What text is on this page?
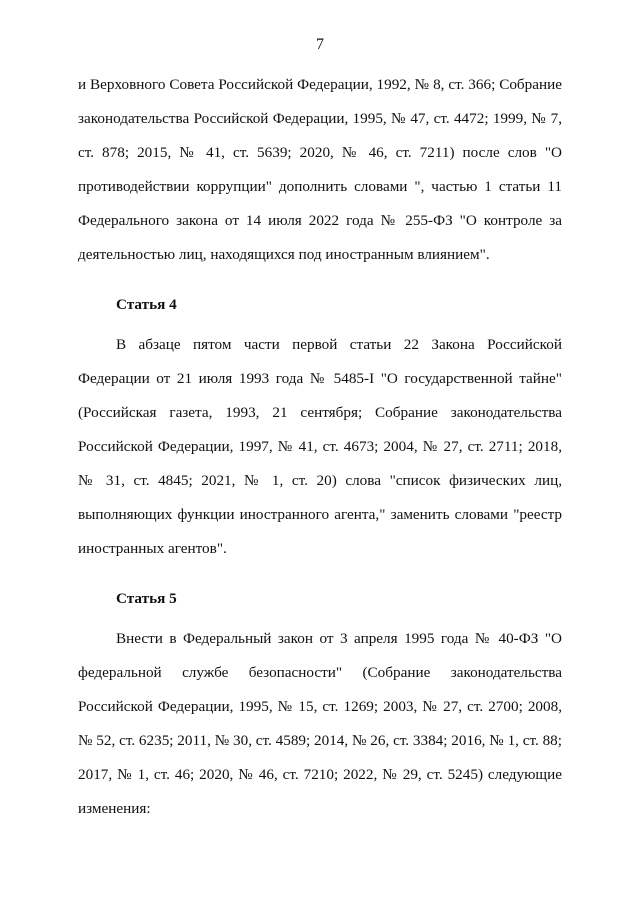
7

и Верховного Совета Российской Федерации, 1992, № 8, ст. 366; Собрание законодательства Российской Федерации, 1995, № 47, ст. 4472; 1999, № 7, ст. 878; 2015, № 41, ст. 5639; 2020, № 46, ст. 7211) после слов "О противодействии коррупции" дополнить словами ", частью 1 статьи 11 Федерального закона от 14 июля 2022 года № 255-ФЗ "О контроле за деятельностью лиц, находящихся под иностранным влиянием".

Статья 4

В абзаце пятом части первой статьи 22 Закона Российской Федерации от 21 июля 1993 года № 5485-I "О государственной тайне" (Российская газета, 1993, 21 сентября; Собрание законодательства Российской Федерации, 1997, № 41, ст. 4673; 2004, № 27, ст. 2711; 2018, № 31, ст. 4845; 2021, № 1, ст. 20) слова "список физических лиц, выполняющих функции иностранного агента," заменить словами "реестр иностранных агентов".

Статья 5

Внести в Федеральный закон от 3 апреля 1995 года № 40-ФЗ "О федеральной службе безопасности" (Собрание законодательства Российской Федерации, 1995, № 15, ст. 1269; 2003, № 27, ст. 2700; 2008, № 52, ст. 6235; 2011, № 30, ст. 4589; 2014, № 26, ст. 3384; 2016, № 1, ст. 88; 2017, № 1, ст. 46; 2020, № 46, ст. 7210; 2022, № 29, ст. 5245) следующие изменения:
